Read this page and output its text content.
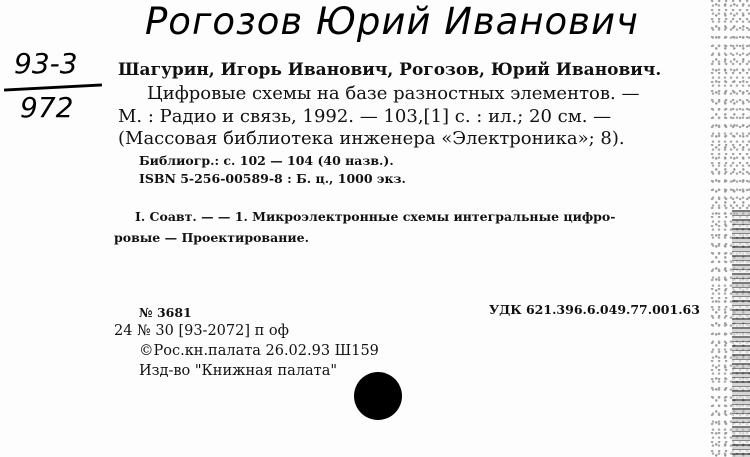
Рогозов Юрий Иванович
93-3
972
Шагурин, Игорь Иванович, Рогозов, Юрий Иванович.
Цифровые схемы на базе разностных элементов. —
М. : Радио и связь, 1992. — 103,[1] с. : ил.; 20 см. —
(Массовая библиотека инженера «Электроника»; 8).
Библиогр.: с. 102 — 104 (40 назв.).
ISBN 5-256-00589-8 : Б. ц., 1000 экз.
I. Соавт. — — 1. Микроэлектронные схемы интегральные цифро-
ровые — Проектирование.
№ 3681	УДК 621.396.6.049.77.001.63
24 № 30 [93-2072] п оф
©Рос.кн.палата 26.02.93 Ш159
Изд-во "Книжная палата"
